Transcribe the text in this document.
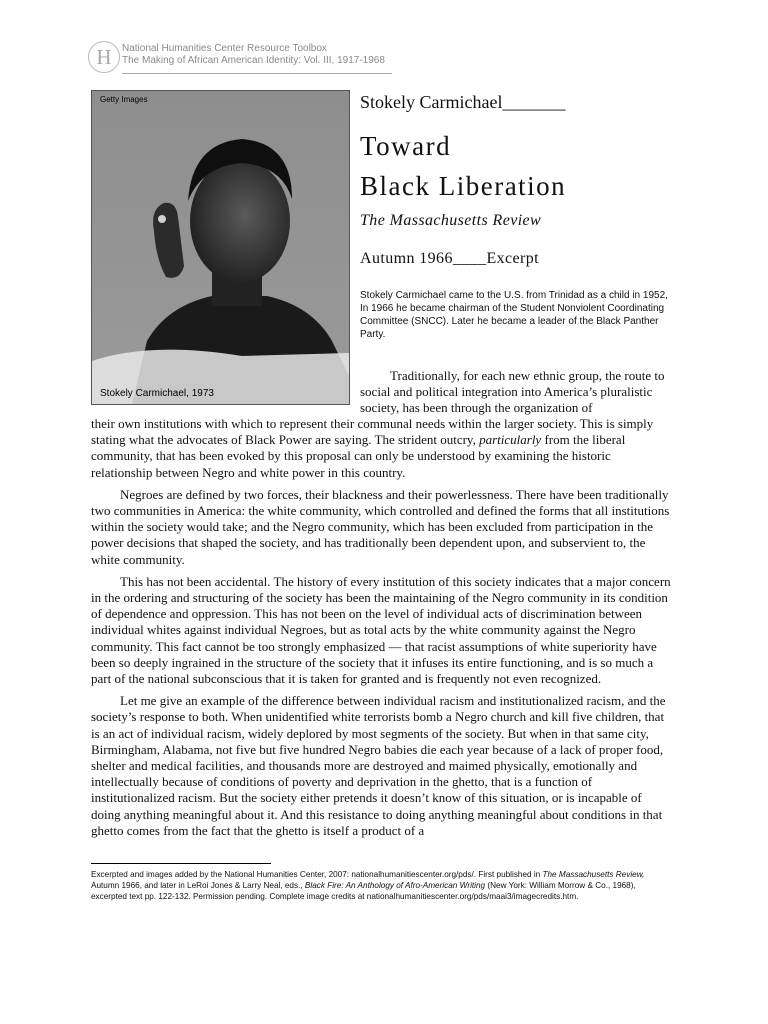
H	National Humanities Center Resource Toolbox
The Making of African American Identity: Vol. III, 1917-1968
Getty Images
Stokely Carmichael, 1973
Stokely Carmichael_______
Toward
Black Liberation
The Massachusetts Review
Autumn 1966____Excerpt
Stokely Carmichael came to the U.S. from Trinidad as a child in 1952, In 1966 he became chairman of the Student Nonviolent Coordinating Committee (SNCC). Later he became a leader of the Black Panther Party.
Traditionally, for each new ethnic group, the route to social and political integration into America’s pluralistic society, has been through the organization of

their own institutions with which to represent their communal needs within the larger society. This is simply stating what the advocates of Black Power are saying. The strident outcry, particularly from the liberal community, that has been evoked by this proposal can only be understood by examining the historic relationship between Negro and white power in this country.

Negroes are defined by two forces, their blackness and their powerlessness. There have been traditionally two communities in America: the white community, which controlled and defined the forms that all institutions within the society would take; and the Negro community, which has been excluded from participation in the power decisions that shaped the society, and has traditionally been dependent upon, and subservient to, the white community.

This has not been accidental. The history of every institution of this society indicates that a major concern in the ordering and structuring of the society has been the maintaining of the Negro community in its condition of dependence and oppression. This has not been on the level of individual acts of discrimination between individual whites against individual Negroes, but as total acts by the white community against the Negro community. This fact cannot be too strongly emphasized — that racist assumptions of white superiority have been so deeply ingrained in the structure of the society that it infuses its entire functioning, and is so much a part of the national subconscious that it is taken for granted and is frequently not even recognized.

Let me give an example of the difference between individual racism and institutionalized racism, and the society’s response to both. When unidentified white terrorists bomb a Negro church and kill five children, that is an act of individual racism, widely deplored by most segments of the society. But when in that same city, Birmingham, Alabama, not five but five hundred Negro babies die each year because of a lack of proper food, shelter and medical facilities, and thousands more are destroyed and maimed physically, emotionally and intellectually because of conditions of poverty and deprivation in the ghetto, that is a function of institutionalized racism. But the society either pretends it doesn’t know of this situation, or is incapable of doing anything meaningful about it. And this resistance to doing anything meaningful about conditions in that ghetto comes from the fact that the ghetto is itself a product of a

Excerpted and images added by the National Humanities Center, 2007: nationalhumanitiescenter.org/pds/. First published in The Massachusetts Review, Autumn 1966, and later in LeRoi Jones & Larry Neal, eds., Black Fire: An Anthology of Afro-American Writing (New York: William Morrow & Co., 1968), excerpted text pp. 122-132. Permission pending. Complete image credits at nationalhumanitiescenter.org/pds/maai3/imagecredits.htm.
